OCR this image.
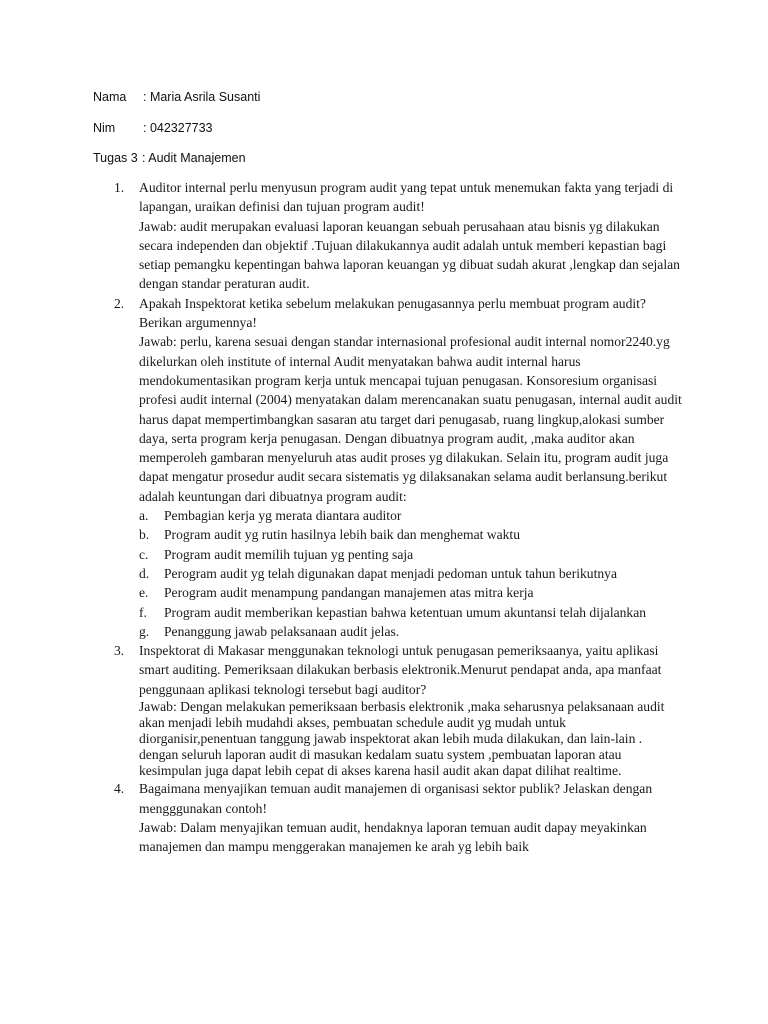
Nama : Maria Asrila Susanti
Nim : 042327733
Tugas 3 : Audit Manajemen
1.	Auditor internal perlu menyusun program audit yang tepat untuk menemukan fakta yang terjadi di lapangan, uraikan definisi dan tujuan program audit!

Jawab: audit merupakan evaluasi laporan keuangan sebuah perusahaan atau bisnis yg dilakukan secara independen dan objektif .Tujuan dilakukannya audit adalah untuk memberi kepastian bagi setiap pemangku kepentingan bahwa laporan keuangan yg dibuat sudah akurat ,lengkap dan sejalan dengan standar peraturan audit.

2.	Apakah Inspektorat ketika sebelum melakukan penugasannya perlu membuat program audit? Berikan argumennya!

Jawab: perlu, karena sesuai dengan standar internasional profesional audit internal nomor2240.yg dikelurkan oleh institute of internal Audit menyatakan bahwa audit internal harus mendokumentasikan program kerja untuk mencapai tujuan penugasan. Konsoresium organisasi profesi audit internal (2004) menyatakan dalam merencanakan suatu penugasan, internal audit audit harus dapat mempertimbangkan sasaran atu target dari penugasab, ruang lingkup,alokasi sumber daya, serta program kerja penugasan. Dengan dibuatnya program audit, ,maka auditor akan memperoleh gambaran menyeluruh atas audit proses yg dilakukan. Selain itu, program audit juga dapat mengatur prosedur audit secara sistematis yg dilaksanakan selama audit berlansung.berikut adalah keuntungan dari dibuatnya program audit:

a. Pembagian kerja yg merata diantara auditor
b. Program audit yg rutin hasilnya lebih baik dan menghemat waktu
c. Program audit memilih tujuan yg penting saja
d. Perogram audit yg telah digunakan dapat menjadi pedoman untuk tahun berikutnya
e. Perogram audit menampung pandangan manajemen atas mitra kerja
f. Program audit memberikan kepastian bahwa ketentuan umum akuntansi telah dijalankan
g. Penanggung jawab pelaksanaan audit jelas.
3.	Inspektorat di Makasar menggunakan teknologi untuk penugasan pemeriksaanya, yaitu aplikasi smart auditing. Pemeriksaan dilakukan berbasis elektronik.Menurut pendapat anda, apa manfaat penggunaan aplikasi teknologi tersebut bagi auditor?

Jawab: Dengan melakukan pemeriksaan berbasis elektronik ,maka seharusnya pelaksanaan audit akan menjadi lebih mudahdi akses, pembuatan schedule audit yg mudah untuk diorganisir,penentuan tanggung jawab inspektorat akan lebih muda dilakukan, dan lain-lain . dengan seluruh laporan audit di masukan kedalam suatu system ,pembuatan laporan atau kesimpulan juga dapat lebih cepat di akses karena hasil audit akan dapat dilihat realtime.

4.	Bagaimana menyajikan temuan audit manajemen di organisasi sektor publik? Jelaskan dengan mengggunakan contoh!

Jawab: Dalam menyajikan temuan audit, hendaknya laporan temuan audit dapay meyakinkan manajemen dan mampu menggerakan manajemen ke arah yg lebih baik
